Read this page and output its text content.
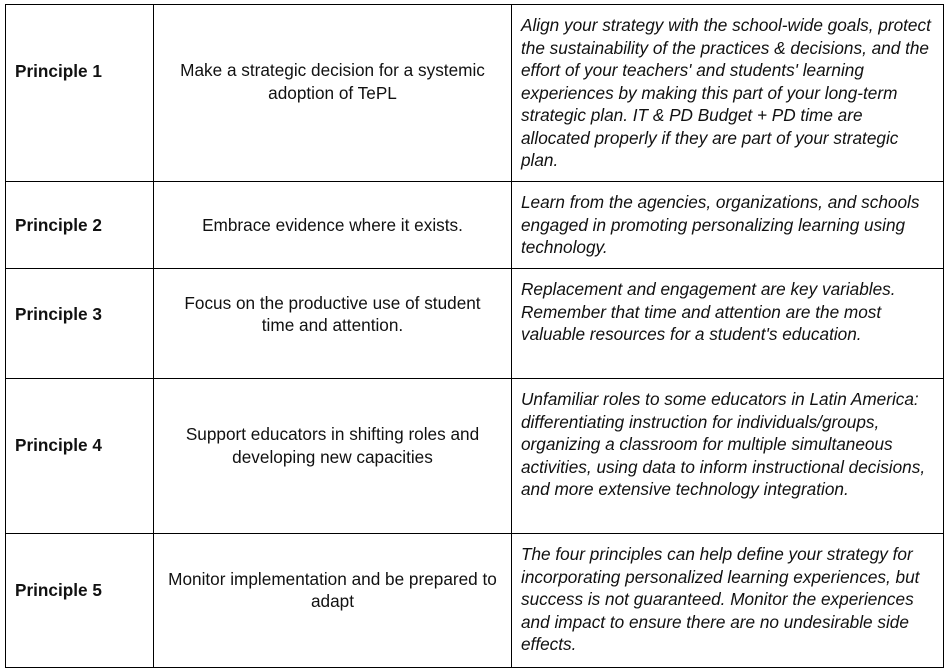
Principle 1	Make a strategic decision for a systemic adoption of TePL	Align your strategy with the school-wide goals, protect the sustainability of the practices & decisions, and the effort of your teachers' and students' learning experiences by making this part of your long-term strategic plan. IT & PD Budget + PD time are allocated properly if they are part of your strategic plan.
Principle 2	Embrace evidence where it exists.	Learn from the agencies, organizations, and schools engaged in promoting personalizing learning using technology.
Principle 3	Focus on the productive use of student time and attention.	Replacement and engagement are key variables. Remember that time and attention are the most valuable resources for a student's education.
Principle 4	Support educators in shifting roles and developing new capacities	Unfamiliar roles to some educators in Latin America: differentiating instruction for individuals/groups, organizing a classroom for multiple simultaneous activities, using data to inform instructional decisions, and more extensive technology integration.
Principle 5	Monitor implementation and be prepared to adapt	The four principles can help define your strategy for incorporating personalized learning experiences, but success is not guaranteed. Monitor the experiences and impact to ensure there are no undesirable side effects.
